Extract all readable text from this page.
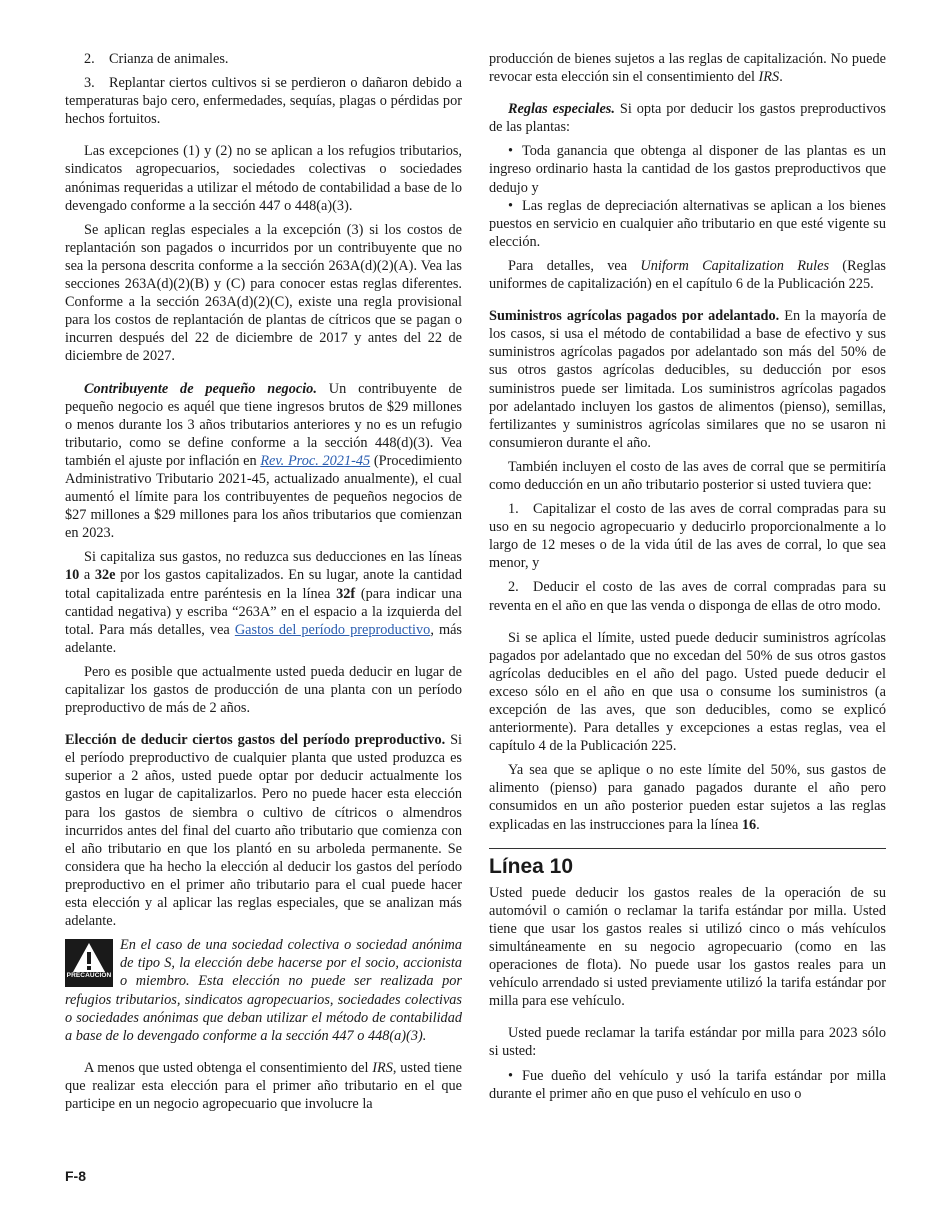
2. Crianza de animales.

3. Replantar ciertos cultivos si se perdieron o dañaron debido a temperaturas bajo cero, enfermedades, sequías, plagas o pérdidas por hechos fortuitos.

Las excepciones (1) y (2) no se aplican a los refugios tributarios, sindicatos agropecuarios, sociedades colectivas o sociedades anónimas requeridas a utilizar el método de contabilidad a base de lo devengado conforme a la sección 447 o 448(a)(3).

Se aplican reglas especiales a la excepción (3) si los costos de replantación son pagados o incurridos por un contribuyente que no sea la persona descrita conforme a la sección 263A(d)(2)(A). Vea las secciones 263A(d)(2)(B) y (C) para conocer estas reglas diferentes. Conforme a la sección 263A(d)(2)(C), existe una regla provisional para los costos de replantación de plantas de cítricos que se pagan o incurren después del 22 de diciembre de 2017 y antes del 22 de diciembre de 2027.

Contribuyente de pequeño negocio. Un contribuyente de pequeño negocio es aquél que tiene ingresos brutos de $29 millones o menos durante los 3 años tributarios anteriores y no es un refugio tributario, como se define conforme a la sección 448(d)(3). Vea también el ajuste por inflación en Rev. Proc. 2021-45 (Procedimiento Administrativo Tributario 2021-45, actualizado anualmente), el cual aumentó el límite para los contribuyentes de pequeños negocios de $27 millones a $29 millones para los años tributarios que comienzan en 2023.

Si capitaliza sus gastos, no reduzca sus deducciones en las líneas 10 a 32e por los gastos capitalizados. En su lugar, anote la cantidad total capitalizada entre paréntesis en la línea 32f (para indicar una cantidad negativa) y escriba “263A” en el espacio a la izquierda del total. Para más detalles, vea Gastos del período preproductivo, más adelante.

Pero es posible que actualmente usted pueda deducir en lugar de capitalizar los gastos de producción de una planta con un período preproductivo de más de 2 años.

Elección de deducir ciertos gastos del período preproductivo. Si el período preproductivo de cualquier planta que usted produzca es superior a 2 años, usted puede optar por deducir actualmente los gastos en lugar de capitalizarlos. Pero no puede hacer esta elección para los gastos de siembra o cultivo de cítricos o almendros incurridos antes del final del cuarto año tributario que comienza con el año tributario en que los plantó en su arboleda permanente. Se considera que ha hecho la elección al deducir los gastos del período preproductivo en el primer año tributario para el cual puede hacer esta elección y al aplicar las reglas especiales, que se analizan más adelante.

PRECAUCIÓN

En el caso de una sociedad colectiva o sociedad anónima de tipo S, la elección debe hacerse por el socio, accionista o miembro. Esta elección no puede ser realizada por refugios tributarios, sindicatos agropecuarios, sociedades colectivas o sociedades anónimas que deban utilizar el método de contabilidad a base de lo devengado conforme a la sección 447 o 448(a)(3).

A menos que usted obtenga el consentimiento del IRS, usted tiene que realizar esta elección para el primer año tributario en el que participe en un negocio agropecuario que involucre la

producción de bienes sujetos a las reglas de capitalización. No puede revocar esta elección sin el consentimiento del IRS.

Reglas especiales. Si opta por deducir los gastos preproductivos de las plantas:

• Toda ganancia que obtenga al disponer de las plantas es un ingreso ordinario hasta la cantidad de los gastos preproductivos que dedujo y

• Las reglas de depreciación alternativas se aplican a los bienes puestos en servicio en cualquier año tributario en que esté vigente su elección.

Para detalles, vea Uniform Capitalization Rules (Reglas uniformes de capitalización) en el capítulo 6 de la Publicación 225.

Suministros agrícolas pagados por adelantado. En la mayoría de los casos, si usa el método de contabilidad a base de efectivo y sus suministros agrícolas pagados por adelantado son más del 50% de sus otros gastos agrícolas deducibles, su deducción por esos suministros puede ser limitada. Los suministros agrícolas pagados por adelantado incluyen los gastos de alimentos (pienso), semillas, fertilizantes y suministros agrícolas similares que no se usaron ni consumieron durante el año.

También incluyen el costo de las aves de corral que se permitiría como deducción en un año tributario posterior si usted tuviera que:

1. Capitalizar el costo de las aves de corral compradas para su uso en su negocio agropecuario y deducirlo proporcionalmente a lo largo de 12 meses o de la vida útil de las aves de corral, lo que sea menor, y

2. Deducir el costo de las aves de corral compradas para su reventa en el año en que las venda o disponga de ellas de otro modo.

Si se aplica el límite, usted puede deducir suministros agrícolas pagados por adelantado que no excedan del 50% de sus otros gastos agrícolas deducibles en el año del pago. Usted puede deducir el exceso sólo en el año en que usa o consume los suministros (a excepción de las aves, que son deducibles, como se explicó anteriormente). Para detalles y excepciones a estas reglas, vea el capítulo 4 de la Publicación 225.

Ya sea que se aplique o no este límite del 50%, sus gastos de alimento (pienso) para ganado pagados durante el año pero consumidos en un año posterior pueden estar sujetos a las reglas explicadas en las instrucciones para la línea 16.

Línea 10

Usted puede deducir los gastos reales de la operación de su automóvil o camión o reclamar la tarifa estándar por milla. Usted tiene que usar los gastos reales si utilizó cinco o más vehículos simultáneamente en su negocio agropecuario (como en las operaciones de flota). No puede usar los gastos reales para un vehículo arrendado si usted previamente utilizó la tarifa estándar por milla para ese vehículo.

Usted puede reclamar la tarifa estándar por milla para 2023 sólo si usted:

• Fue dueño del vehículo y usó la tarifa estándar por milla durante el primer año en que puso el vehículo en uso o

F-8
